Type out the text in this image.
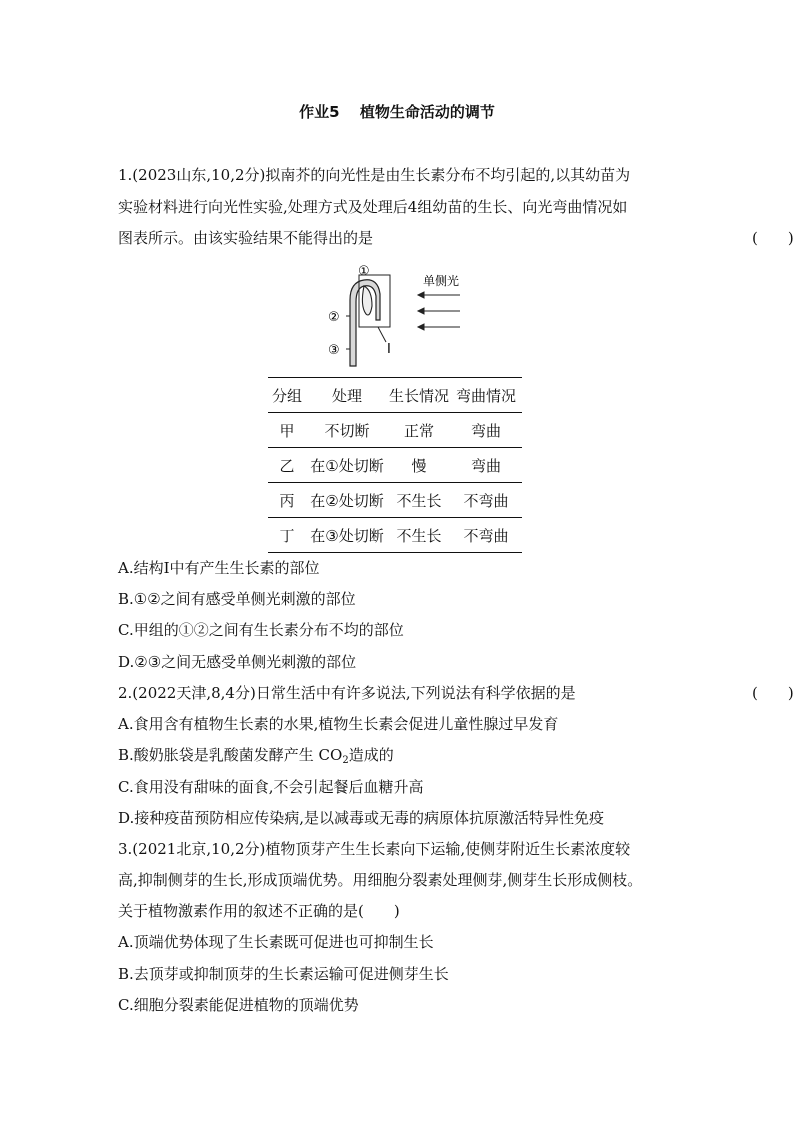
作业5　 植物生命活动的调节
1.(2023山东,10,2分)拟南芥的向光性是由生长素分布不均引起的,以其幼苗为
实验材料进行向光性实验,处理方式及处理后4组幼苗的生长、向光弯曲情况如
图表所示。由该实验结果不能得出的是	(　　)
①
②
③	I
单侧光
分组	处理	生长情况	弯曲情况
甲	不切断	正常	弯曲
乙	在①处切断	慢	弯曲
丙	在②处切断	不生长	不弯曲
丁	在③处切断	不生长	不弯曲
A.结构Ⅰ中有产生生长素的部位
B.①②之间有感受单侧光刺激的部位
C.甲组的①②之间有生长素分布不均的部位
D.②③之间无感受单侧光刺激的部位
2.(2022天津,8,4分)日常生活中有许多说法,下列说法有科学依据的是	(　　)
A.食用含有植物生长素的水果,植物生长素会促进儿童性腺过早发育
B.酸奶胀袋是乳酸菌发酵产生 $CO_2$造成的
C.食用没有甜味的面食,不会引起餐后血糖升高
D.接种疫苗预防相应传染病,是以减毒或无毒的病原体抗原激活特异性免疫
3.(2021北京,10,2分)植物顶芽产生生长素向下运输,使侧芽附近生长素浓度较
高,抑制侧芽的生长,形成顶端优势。用细胞分裂素处理侧芽,侧芽生长形成侧枝。
关于植物激素作用的叙述不正确的是(　　)
A.顶端优势体现了生长素既可促进也可抑制生长
B.去顶芽或抑制顶芽的生长素运输可促进侧芽生长
C.细胞分裂素能促进植物的顶端优势
